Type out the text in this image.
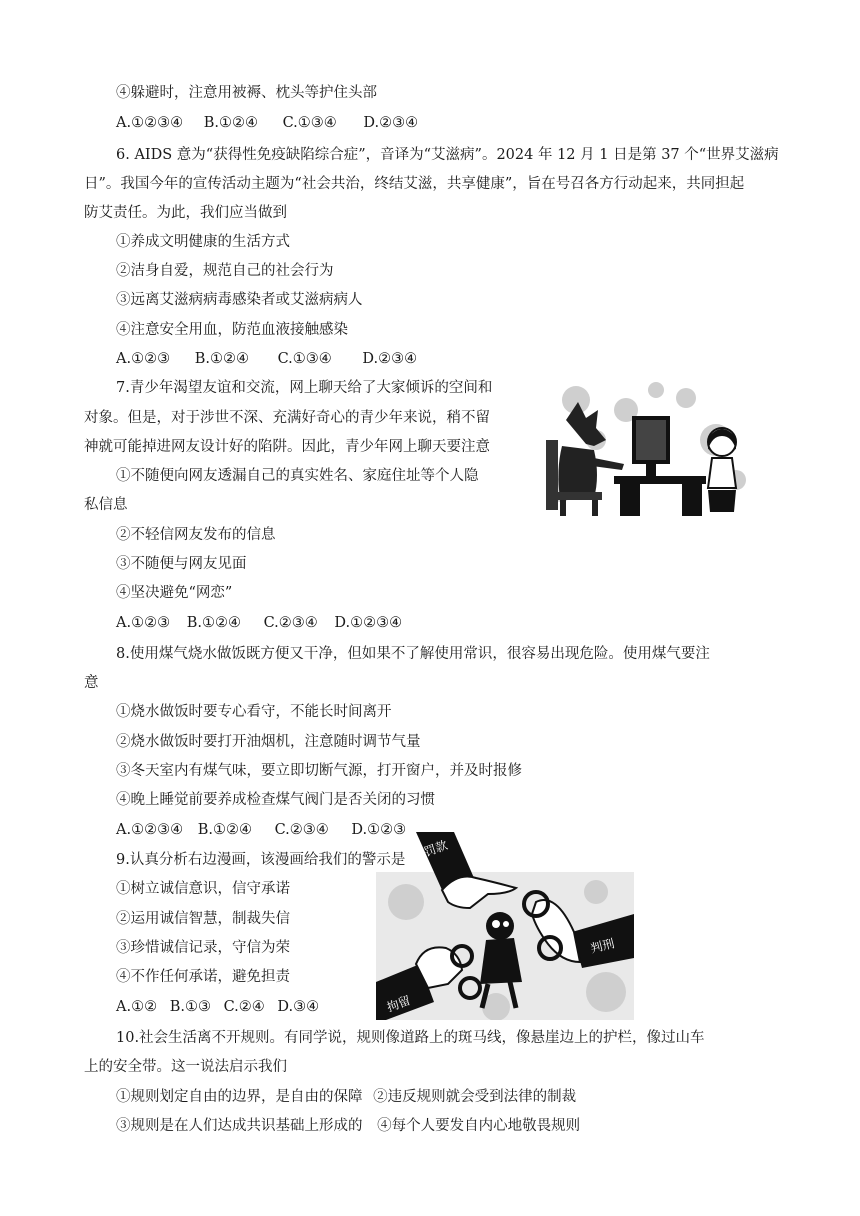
④躲避时，注意用被褥、枕头等护住头部
A.①②③④ B.①②④ C.①③④ D.②③④
6. AIDS 意为“获得性免疫缺陷综合症”，音译为“艾滋病”。2024 年 12 月 1 日是第 37 个“世界艾滋病
日”。我国今年的宣传活动主题为“社会共治，终结艾滋，共享健康”，旨在号召各方行动起来，共同担起
防艾责任。为此，我们应当做到
①养成文明健康的生活方式
②洁身自爱，规范自己的社会行为
③远离艾滋病病毒感染者或艾滋病病人
④注意安全用血，防范血液接触感染
A.①②③ B.①②④ C.①③④ D.②③④
7.青少年渴望友谊和交流，网上聊天给了大家倾诉的空间和
对象。但是，对于涉世不深、充满好奇心的青少年来说，稍不留
神就可能掉进网友设计好的陷阱。因此，青少年网上聊天要注意
①不随便向网友透漏自己的真实姓名、家庭住址等个人隐
私信息
②不轻信网友发布的信息
③不随便与网友见面
④坚决避免“网恋”
A.①②③ B.①②④ C.②③④ D.①②③④
8.使用煤气烧水做饭既方便又干净，但如果不了解使用常识，很容易出现危险。使用煤气要注
意
①烧水做饭时要专心看守，不能长时间离开
②烧水做饭时要打开油烟机，注意随时调节气量
③冬天室内有煤气味，要立即切断气源，打开窗户，并及时报修
④晚上睡觉前要养成检查煤气阀门是否关闭的习惯
A.①②③④ B.①②④ C.②③④ D.①②③
9.认真分析右边漫画，该漫画给我们的警示是
①树立诚信意识，信守承诺
②运用诚信智慧，制裁失信
③珍惜诚信记录，守信为荣
④不作任何承诺，避免担责
A.①② B.①③ C.②④ D.③④
罚款
判刑
拘留
10.社会生活离不开规则。有同学说，规则像道路上的斑马线，像悬崖边上的护栏，像过山车
上的安全带。这一说法启示我们
①规则划定自由的边界，是自由的保障 ②违反规则就会受到法律的制裁
③规则是在人们达成共识基础上形成的 ④每个人要发自内心地敬畏规则
